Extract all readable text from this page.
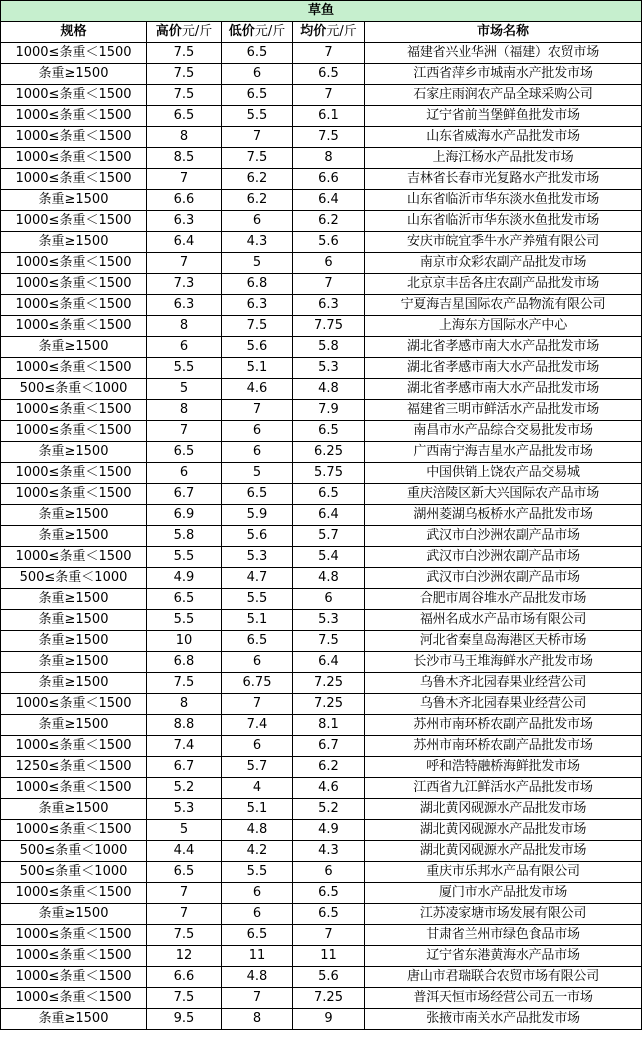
草鱼				
规格	高价元/斤	低价元/斤	均价元/斤	市场名称
1000≤条重＜1500	7.5	6.5	7	福建省兴业华洲（福建）农贸市场
条重≥1500	7.5	6	6.5	江西省萍乡市城南水产批发市场
1000≤条重＜1500	7.5	6.5	7	石家庄雨润农产品全球采购公司
1000≤条重＜1500	6.5	5.5	6.1	辽宁省前当堡鲜鱼批发市场
1000≤条重＜1500	8	7	7.5	山东省威海水产品批发市场
1000≤条重＜1500	8.5	7.5	8	上海江杨水产品批发市场
1000≤条重＜1500	7	6.2	6.6	吉林省长春市光复路水产批发市场
条重≥1500	6.6	6.2	6.4	山东省临沂市华东淡水鱼批发市场
1000≤条重＜1500	6.3	6	6.2	山东省临沂市华东淡水鱼批发市场
条重≥1500	6.4	4.3	5.6	安庆市皖宜季牛水产养殖有限公司
1000≤条重＜1500	7	5	6	南京市众彩农副产品批发市场
1000≤条重＜1500	7.3	6.8	7	北京京丰岳各庄农副产品批发市场
1000≤条重＜1500	6.3	6.3	6.3	宁夏海吉星国际农产品物流有限公司
1000≤条重＜1500	8	7.5	7.75	上海东方国际水产中心
条重≥1500	6	5.6	5.8	湖北省孝感市南大水产品批发市场
1000≤条重＜1500	5.5	5.1	5.3	湖北省孝感市南大水产品批发市场
500≤条重＜1000	5	4.6	4.8	湖北省孝感市南大水产品批发市场
1000≤条重＜1500	8	7	7.9	福建省三明市鲜活水产品批发市场
1000≤条重＜1500	7	6	6.5	南昌市水产品综合交易批发市场
条重≥1500	6.5	6	6.25	广西南宁海吉星水产品批发市场
1000≤条重＜1500	6	5	5.75	中国供销上饶农产品交易城
1000≤条重＜1500	6.7	6.5	6.5	重庆涪陵区新大兴国际农产品市场
条重≥1500	6.9	5.9	6.4	湖州菱湖乌板桥水产品批发市场
条重≥1500	5.8	5.6	5.7	武汉市白沙洲农副产品市场
1000≤条重＜1500	5.5	5.3	5.4	武汉市白沙洲农副产品市场
500≤条重＜1000	4.9	4.7	4.8	武汉市白沙洲农副产品市场
条重≥1500	6.5	5.5	6	合肥市周谷堆水产品批发市场
条重≥1500	5.5	5.1	5.3	福州名成水产品市场有限公司
条重≥1500	10	6.5	7.5	河北省秦皇岛海港区天桥市场
条重≥1500	6.8	6	6.4	长沙市马王堆海鲜水产批发市场
条重≥1500	7.5	6.75	7.25	乌鲁木齐北园春果业经营公司
1000≤条重＜1500	8	7	7.25	乌鲁木齐北园春果业经营公司
条重≥1500	8.8	7.4	8.1	苏州市南环桥农副产品批发市场
1000≤条重＜1500	7.4	6	6.7	苏州市南环桥农副产品批发市场
1250≤条重＜1500	6.7	5.7	6.2	呼和浩特融桥海鲜批发市场
1000≤条重＜1500	5.2	4	4.6	江西省九江鲜活水产品批发市场
条重≥1500	5.3	5.1	5.2	湖北黄冈砚源水产品批发市场
1000≤条重＜1500	5	4.8	4.9	湖北黄冈砚源水产品批发市场
500≤条重＜1000	4.4	4.2	4.3	湖北黄冈砚源水产品批发市场
500≤条重＜1000	6.5	5.5	6	重庆市乐邦水产品有限公司
1000≤条重＜1500	7	6	6.5	厦门市水产品批发市场
条重≥1500	7	6	6.5	江苏凌家塘市场发展有限公司
1000≤条重＜1500	7.5	6.5	7	甘肃省兰州市绿色食品市场
1000≤条重＜1500	12	11	11	辽宁省东港黄海水产品市场
1000≤条重＜1500	6.6	4.8	5.6	唐山市君瑞联合农贸市场有限公司
1000≤条重＜1500	7.5	7	7.25	普洱天恒市场经营公司五一市场
条重≥1500	9.5	8	9	张掖市南关水产品批发市场
